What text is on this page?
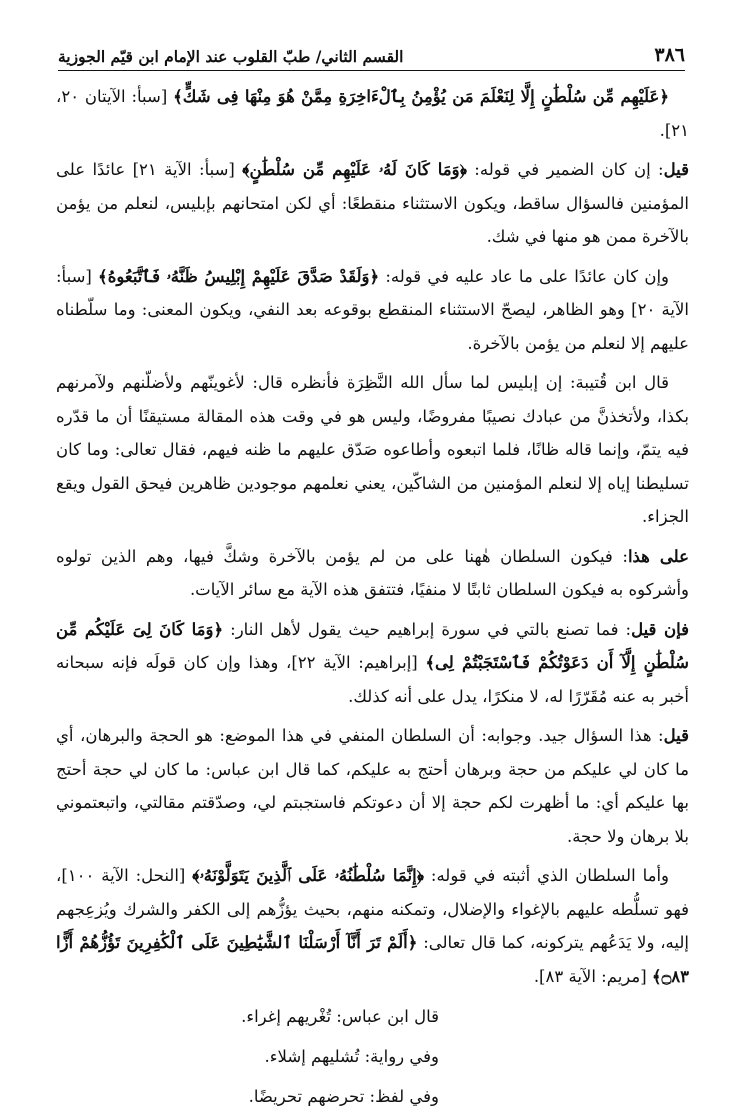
٣٨٦
القسم الثاني/ طبّ القلوب عند الإمام ابن قيّم الجوزية

﴿عَلَيْهِم مِّن سُلْطَٰنٍ إِلَّا لِنَعْلَمَ مَن يُؤْمِنُ بِٱلْءَاخِرَةِ مِمَّنْ هُوَ مِنْهَا فِى شَكٍّ﴾ [سبأ: الآيتان ٢٠، ٢١].

قيل: إن كان الضمير في قوله: ﴿وَمَا كَانَ لَهُۥ عَلَيْهِم مِّن سُلْطَٰنٍ﴾ [سبأ: الآية ٢١] عائدًا على المؤمنين فالسؤال ساقط، ويكون الاستثناء منقطعًا: أي لكن امتحانهم بإبليس، لنعلم من يؤمن بالآخرة ممن هو منها في شك.

وإن كان عائدًا على ما عاد عليه في قوله: ﴿وَلَقَدْ صَدَّقَ عَلَيْهِمْ إِبْلِيسُ ظَنَّهُۥ فَٱتَّبَعُوهُ﴾ [سبأ: الآية ٢٠] وهو الظاهر، ليصحّ الاستثناء المنقطع بوقوعه بعد النفي، ويكون المعنى: وما سلّطناه عليهم إلا لنعلم من يؤمن بالآخرة.

قال ابن قُتيبة: إن إبليس لما سأل الله النَّظِرَة فأنظره قال: لأغوينّهم ولأضلّنهم ولآمرنهم بكذا، ولأتخذنَّ من عبادك نصيبًا مفروضًا، وليس هو في وقت هذه المقالة مستيقنًا أن ما قدّره فيه يتمّ، وإنما قاله ظانًا، فلما اتبعوه وأطاعوه صَدّق عليهم ما ظنه فيهم، فقال تعالى: وما كان تسليطنا إياه إلا لنعلم المؤمنين من الشاكّين، يعني نعلمهم موجودين ظاهرين فيحق القول ويقع الجزاء.

على هذا: فيكون السلطان هٰهنا على من لم يؤمن بالآخرة وشكَّ فيها، وهم الذين تولوه وأشركوه به فيكون السلطان ثابتًا لا منفيًا، فتتفق هذه الآية مع سائر الآيات.

فإن قيل: فما تصنع بالتي في سورة إبراهيم حيث يقول لأهل النار: ﴿وَمَا كَانَ لِىَ عَلَيْكُم مِّن سُلْطَٰنٍ إِلَّآ أَن دَعَوْتُكُمْ فَٱسْتَجَبْتُمْ لِى﴾ [إبراهيم: الآية ٢٢]، وهذا وإن كان قولَه فإنه سبحانه أخبر به عنه مُقَرّرًا له، لا منكرًا، يدل على أنه كذلك.

قيل: هذا السؤال جيد. وجوابه: أن السلطان المنفي في هذا الموضع: هو الحجة والبرهان، أي ما كان لي عليكم من حجة وبرهان أحتج به عليكم، كما قال ابن عباس: ما كان لي حجة أحتج بها عليكم أي: ما أظهرت لكم حجة إلا أن دعوتكم فاستجبتم لي، وصدّقتم مقالتي، واتبعتموني بلا برهان ولا حجة.

وأما السلطان الذي أثبته في قوله: ﴿إِنَّمَا سُلْطَٰنُهُۥ عَلَى ٱلَّذِينَ يَتَوَلَّوْنَهُۥ﴾ [النحل: الآية ١٠٠]، فهو تسلُّطه عليهم بالإغواء والإضلال، وتمكنه منهم، بحيث يؤزُّهم إلى الكفر والشرك ويُزعِجهم إليه، ولا يَدَعُهم يتركونه، كما قال تعالى: ﴿أَلَمْ تَرَ أَنَّآ أَرْسَلْنَا ٱلشَّيَٰطِينَ عَلَى ٱلْكَٰفِرِينَ تَؤُزُّهُمْ أَزًّا ۝٨٣﴾ [مريم: الآية ٨٣].

قال ابن عباس: تُغْريهم إغراء.

وفي رواية: تُشليهم إشلاء.

وفي لفظ: تحرضهم تحريضًا.
